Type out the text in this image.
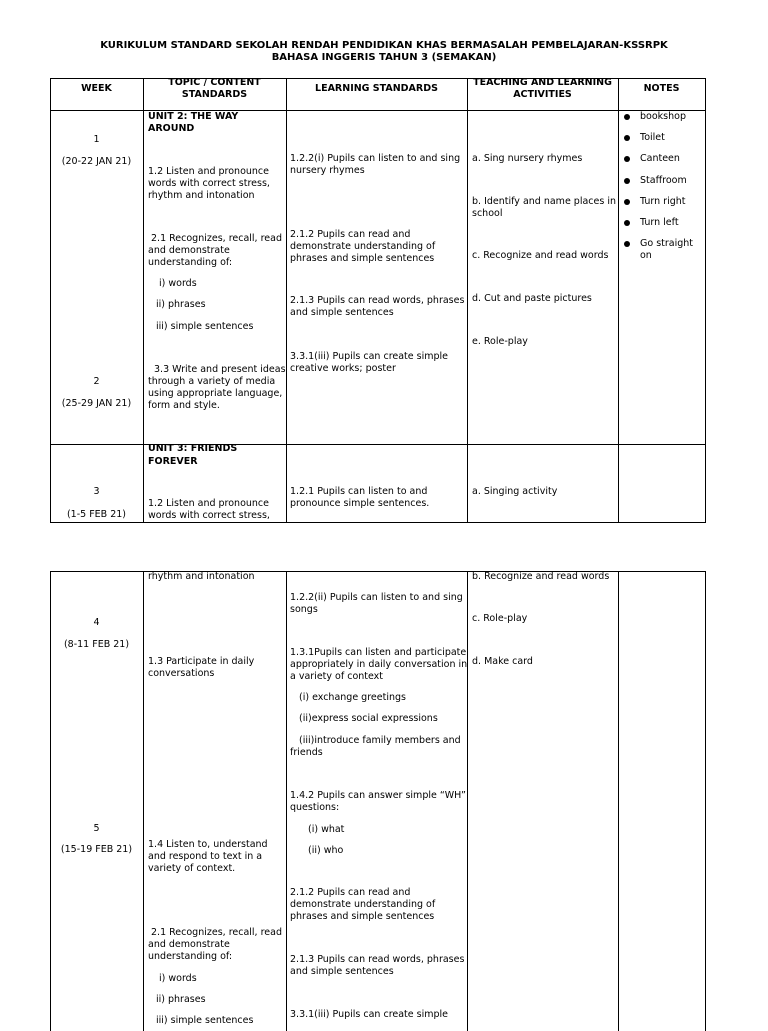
KURIKULUM STANDARD SEKOLAH RENDAH PENDIDIKAN KHAS BERMASALAH PEMBELAJARAN-KSSRPK
BAHASA INGGERIS TAHUN 3 (SEMAKAN)
WEEK
TOPIC / CONTENT
STANDARDS
LEARNING STANDARDS
TEACHING AND LEARNING
ACTIVITIES
NOTES
1
(20-22 JAN 21)
2
(25-29 JAN 21)
3
(1-5 FEB 21)
UNIT 2: THE WAY
AROUND
1.2 Listen and pronounce
words with correct stress,
rhythm and intonation
2.1 Recognizes, recall, read
and demonstrate
understanding of:
i) words
ii) phrases
iii) simple sentences
3.3 Write and present ideas
through a variety of media
using appropriate language,
form and style.
UNIT 3: FRIENDS
FOREVER
1.2 Listen and pronounce
words with correct stress,
1.2.2(i) Pupils can listen to and sing
nursery rhymes
2.1.2 Pupils can read and
demonstrate understanding of
phrases and simple sentences
2.1.3 Pupils can read words, phrases
and simple sentences
3.3.1(iii) Pupils can create simple
creative works; poster
1.2.1 Pupils can listen to and
pronounce simple sentences.
a. Sing nursery rhymes
b. Identify and name places in
school
c. Recognize and read words
d. Cut and paste pictures
e. Role-play
a. Singing activity
bookshop
Toilet
Canteen
Staffroom
Turn right
Turn left
Go straight
on
4
(8-11 FEB 21)
5
(15-19 FEB 21)
rhythm and intonation
1.3 Participate in daily
conversations
1.4 Listen to, understand
and respond to text in a
variety of context.
2.1 Recognizes, recall, read
and demonstrate
understanding of:
i) words
ii) phrases
iii) simple sentences
1.2.2(ii) Pupils can listen to and sing
songs
1.3.1Pupils can listen and participate
appropriately in daily conversation in
a variety of context
(i) exchange greetings
(ii)express social expressions
(iii)introduce family members and
friends
1.4.2 Pupils can answer simple “WH”
questions:
(i) what
(ii) who
2.1.2 Pupils can read and
demonstrate understanding of
phrases and simple sentences
2.1.3 Pupils can read words, phrases
and simple sentences
3.3.1(iii) Pupils can create simple
b. Recognize and read words
c. Role-play
d. Make card
